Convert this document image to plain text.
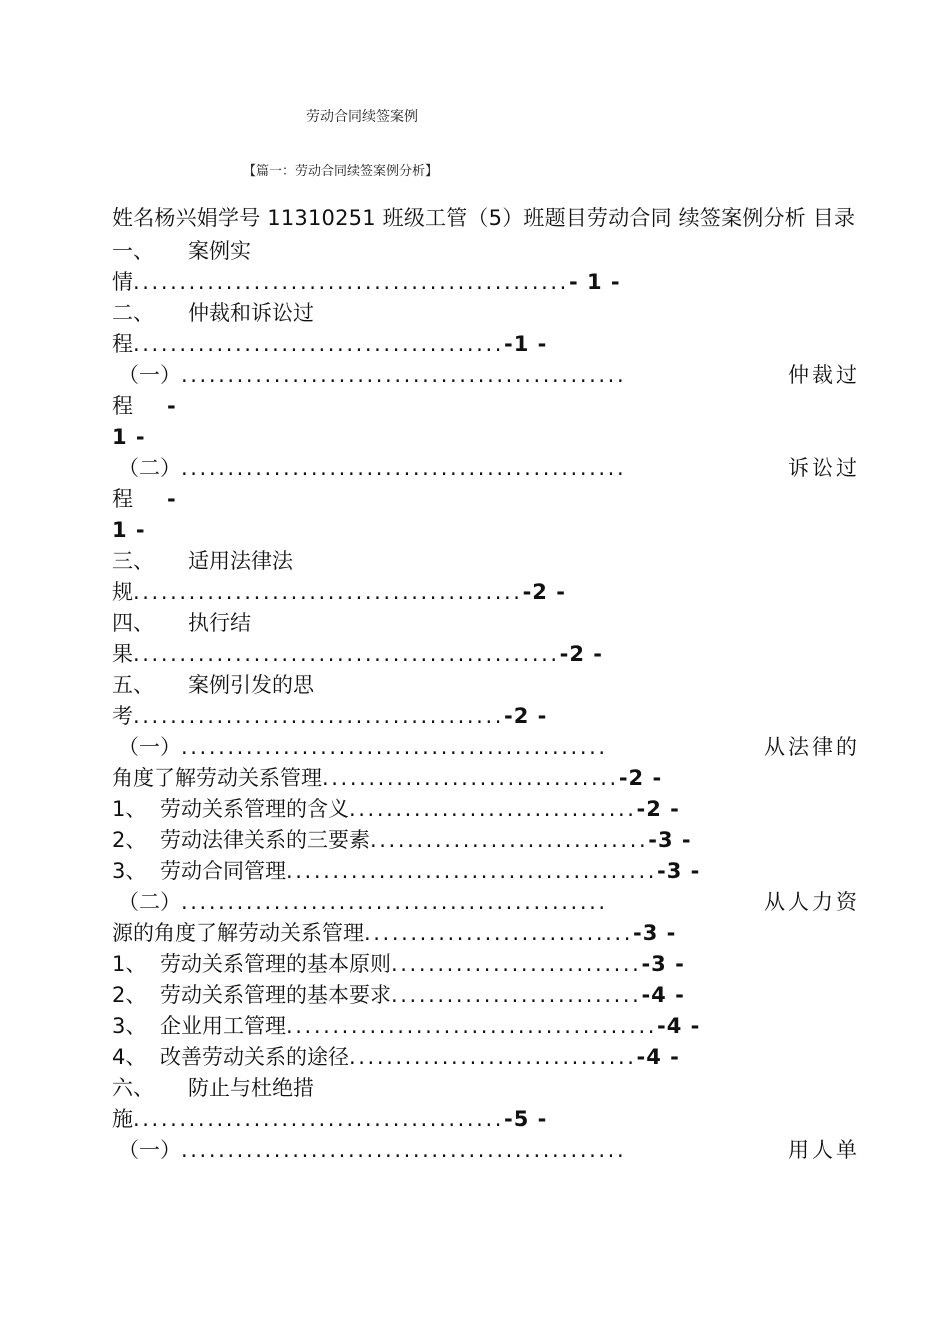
劳动合同续签案例
【篇一：劳动合同续签案例分析】
姓名杨兴娟学号 11310251 班级工管（5）班题目劳动合同 续签案例分析 目录
一、 案例实
情...............................................- 1 -
二、 仲裁和诉讼过
程........................................-1 -
（一） ................................................	仲裁过
程 -
1 -
（二） ................................................	诉讼过
程 -
1 -
三、 适用法律法
规..........................................-2 -
四、 执行结
果..............................................-2 -
五、 案例引发的思
考........................................-2 -
（一） ..............................................	从法律的
角度了解劳动关系管理................................-2 -
1、 劳动关系管理的含义...............................-2 -
2、 劳动法律关系的三要素..............................-3 -
3、 劳动合同管理........................................-3 -
（二） ..............................................	从人力资
源的角度了解劳动关系管理.............................-3 -
1、 劳动关系管理的基本原则...........................-3 -
2、 劳动关系管理的基本要求...........................-4 -
3、 企业用工管理........................................-4 -
4、 改善劳动关系的途径...............................-4 -
六、 防止与杜绝措
施........................................-5 -
（一） ................................................	用人单
